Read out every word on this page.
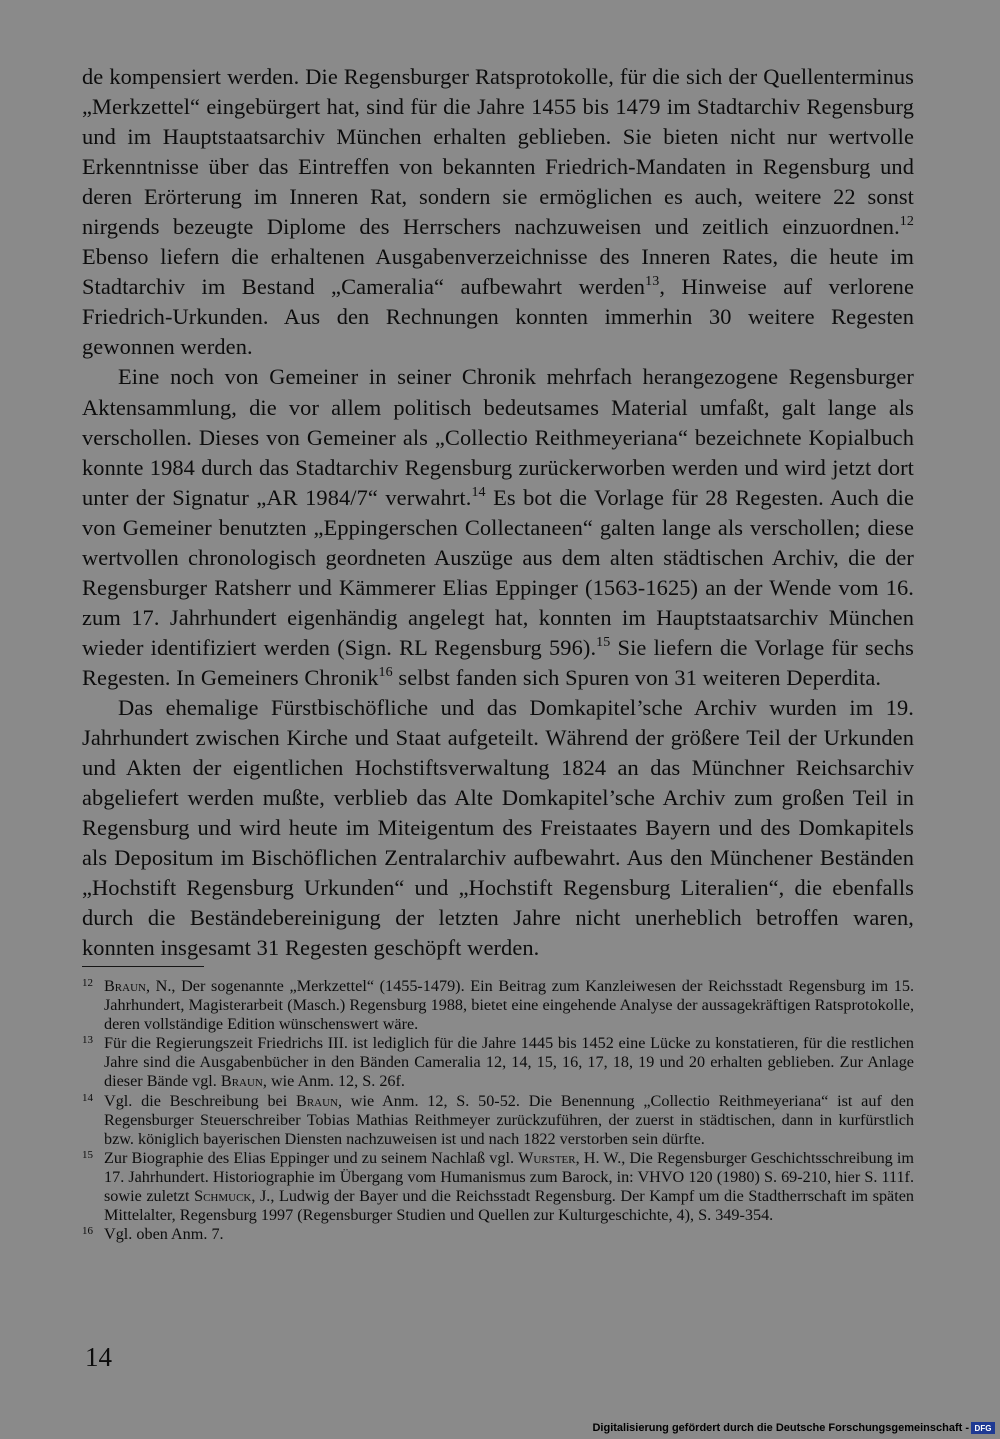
de kompensiert werden. Die Regensburger Ratsprotokolle, für die sich der Quellenterminus „Merkzettel“ eingebürgert hat, sind für die Jahre 1455 bis 1479 im Stadtarchiv Regensburg und im Hauptstaatsarchiv München erhalten geblieben. Sie bieten nicht nur wertvolle Erkenntnisse über das Eintreffen von bekannten Friedrich-Mandaten in Regensburg und deren Erörterung im Inneren Rat, sondern sie ermöglichen es auch, weitere 22 sonst nirgends bezeugte Diplome des Herrschers nachzuweisen und zeitlich einzuordnen.$^{12}$ Ebenso liefern die erhaltenen Ausgabenverzeichnisse des Inneren Rates, die heute im Stadtarchiv im Bestand „Cameralia“ aufbewahrt werden$^{13}$, Hinweise auf verlorene Friedrich-Urkunden. Aus den Rechnungen konnten immerhin 30 weitere Regesten gewonnen werden.

Eine noch von Gemeiner in seiner Chronik mehrfach herangezogene Regensburger Aktensammlung, die vor allem politisch bedeutsames Material umfaßt, galt lange als verschollen. Dieses von Gemeiner als „Collectio Reithmeyeriana“ bezeichnete Kopialbuch konnte 1984 durch das Stadtarchiv Regensburg zurückerworben werden und wird jetzt dort unter der Signatur „AR 1984/7“ verwahrt.$^{14}$ Es bot die Vorlage für 28 Regesten. Auch die von Gemeiner benutzten „Eppingerschen Collectaneen“ galten lange als verschollen; diese wertvollen chronologisch geordneten Auszüge aus dem alten städtischen Archiv, die der Regensburger Ratsherr und Kämmerer Elias Eppinger (1563-1625) an der Wende vom 16. zum 17. Jahrhundert eigenhändig angelegt hat, konnten im Hauptstaatsarchiv München wieder identifiziert werden (Sign. RL Regensburg 596).$^{15}$ Sie liefern die Vorlage für sechs Regesten. In Gemeiners Chronik$^{16}$ selbst fanden sich Spuren von 31 weiteren Deperdita.

Das ehemalige Fürstbischöfliche und das Domkapitel’sche Archiv wurden im 19. Jahrhundert zwischen Kirche und Staat aufgeteilt. Während der größere Teil der Urkunden und Akten der eigentlichen Hochstiftsverwaltung 1824 an das Münchner Reichsarchiv abgeliefert werden mußte, verblieb das Alte Domkapitel’sche Archiv zum großen Teil in Regensburg und wird heute im Miteigentum des Freistaates Bayern und des Domkapitels als Depositum im Bischöflichen Zentralarchiv aufbewahrt. Aus den Münchener Beständen „Hochstift Regensburg Urkunden“ und „Hochstift Regensburg Literalien“, die ebenfalls durch die Beständebereinigung der letzten Jahre nicht unerheblich betroffen waren, konnten insgesamt 31 Regesten geschöpft werden.

12 Braun, N., Der sogenannte „Merkzettel“ (1455-1479). Ein Beitrag zum Kanzleiwesen der Reichsstadt Regensburg im 15. Jahrhundert, Magisterarbeit (Masch.) Regensburg 1988, bietet eine eingehende Analyse der aussagekräftigen Ratsprotokolle, deren vollständige Edition wünschenswert wäre.

13 Für die Regierungszeit Friedrichs III. ist lediglich für die Jahre 1445 bis 1452 eine Lücke zu konstatieren, für die restlichen Jahre sind die Ausgabenbücher in den Bänden Cameralia 12, 14, 15, 16, 17, 18, 19 und 20 erhalten geblieben. Zur Anlage dieser Bände vgl. Braun, wie Anm. 12, S. 26f.

14 Vgl. die Beschreibung bei Braun, wie Anm. 12, S. 50-52. Die Benennung „Collectio Reithmeyeriana“ ist auf den Regensburger Steuerschreiber Tobias Mathias Reithmeyer zurückzuführen, der zuerst in städtischen, dann in kurfürstlich bzw. königlich bayerischen Diensten nachzuweisen ist und nach 1822 verstorben sein dürfte.

15 Zur Biographie des Elias Eppinger und zu seinem Nachlaß vgl. Wurster, H. W., Die Regensburger Geschichtsschreibung im 17. Jahrhundert. Historiographie im Übergang vom Humanismus zum Barock, in: VHVO 120 (1980) S. 69-210, hier S. 111f. sowie zuletzt Schmuck, J., Ludwig der Bayer und die Reichsstadt Regensburg. Der Kampf um die Stadtherrschaft im späten Mittelalter, Regensburg 1997 (Regensburger Studien und Quellen zur Kulturgeschichte, 4), S. 349-354.

16 Vgl. oben Anm. 7.

14
Digitalisierung gefördert durch die Deutsche Forschungsgemeinschaft - DFG
